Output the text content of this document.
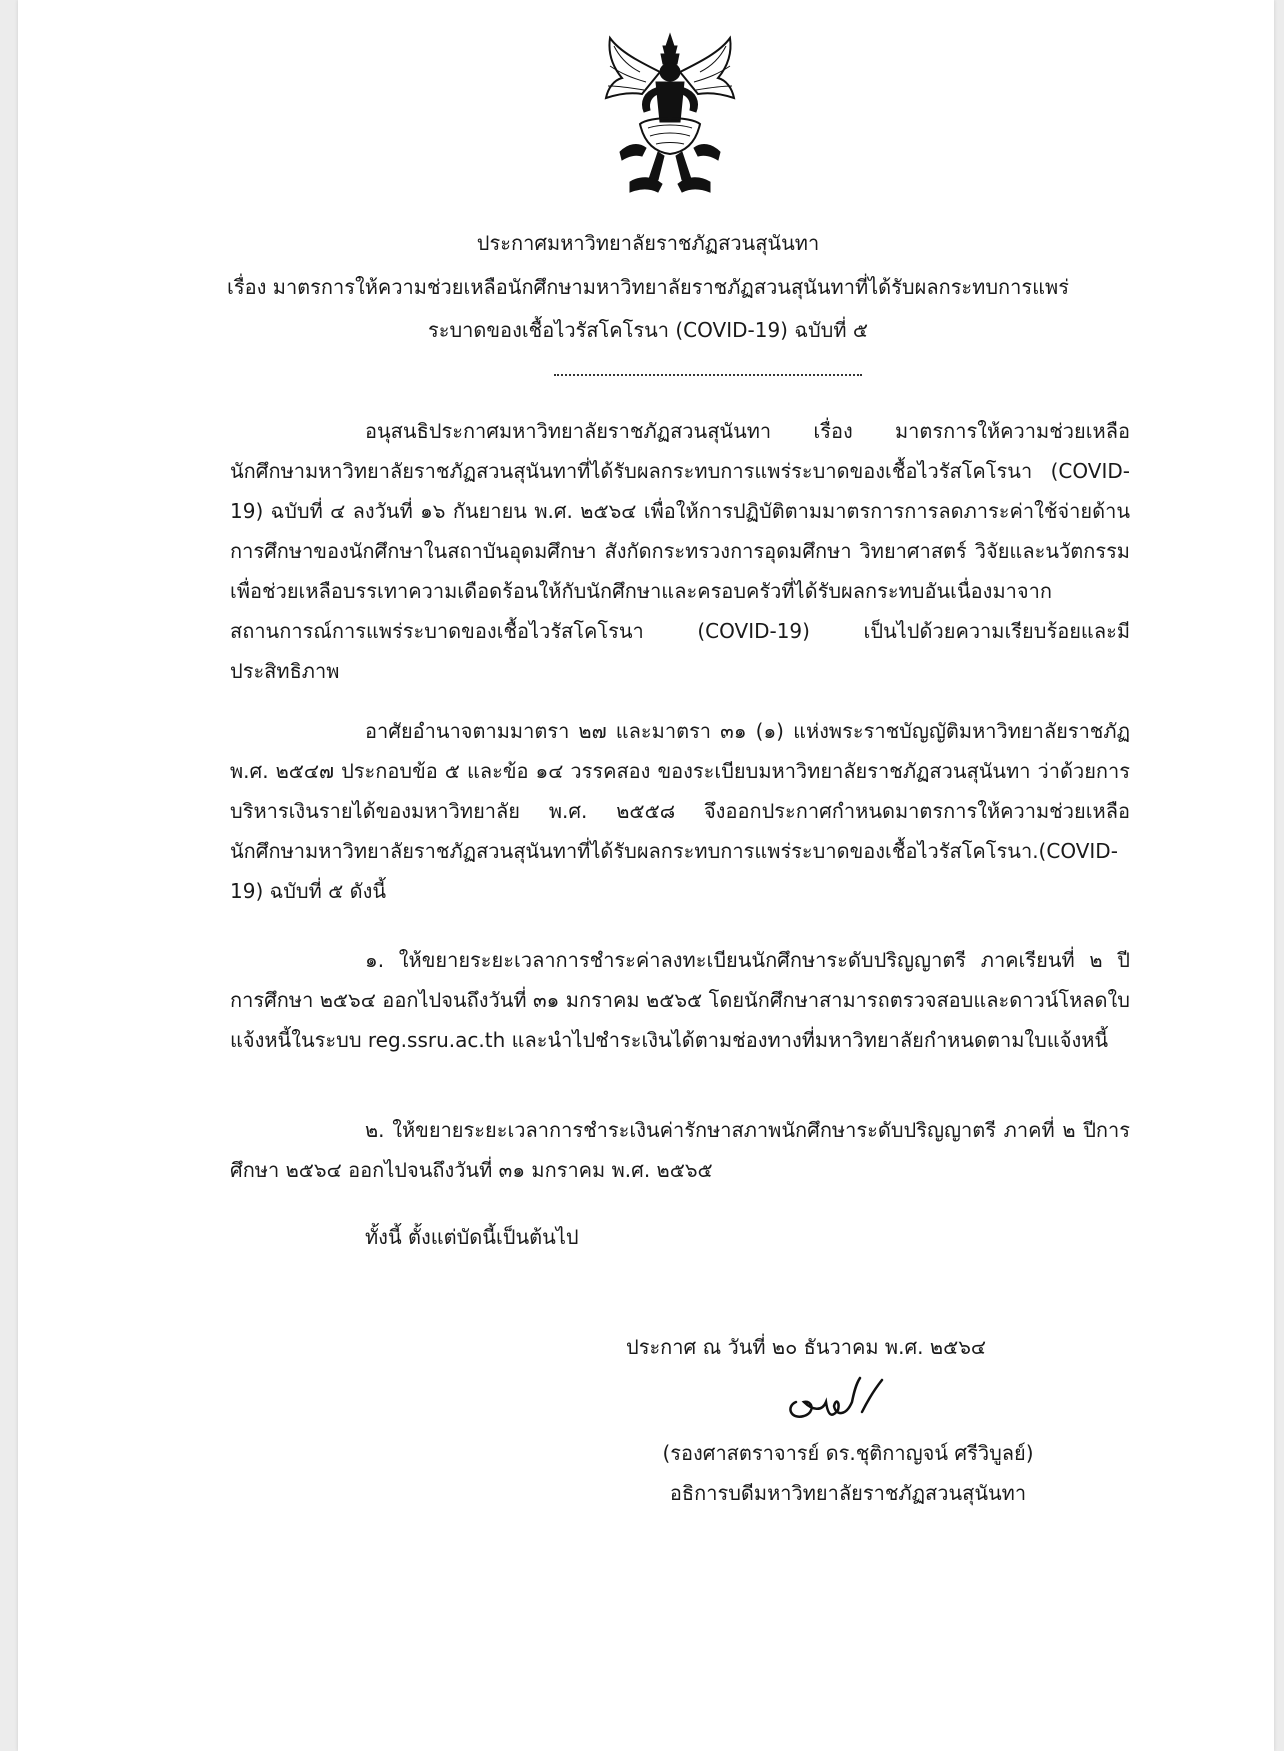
ประกาศมหาวิทยาลัยราชภัฏสวนสุนันทา
เรื่อง มาตรการให้ความช่วยเหลือนักศึกษามหาวิทยาลัยราชภัฏสวนสุนันทาที่ได้รับผลกระทบการแพร่
ระบาดของเชื้อไวรัสโคโรนา (COVID-19) ฉบับที่ ๕
อนุสนธิประกาศมหาวิทยาลัยราชภัฏสวนสุนันทา เรื่อง มาตรการให้ความช่วยเหลือนักศึกษามหาวิทยาลัยราชภัฏสวนสุนันทาที่ได้รับผลกระทบการแพร่ระบาดของเชื้อไวรัสโคโรนา (COVID-19) ฉบับที่ ๔ ลงวันที่ ๑๖ กันยายน พ.ศ. ๒๕๖๔ เพื่อให้การปฏิบัติตามมาตรการการลดภาระค่าใช้จ่ายด้านการศึกษาของนักศึกษาในสถาบันอุดมศึกษา สังกัดกระทรวงการอุดมศึกษา วิทยาศาสตร์ วิจัยและนวัตกรรม เพื่อช่วยเหลือบรรเทาความเดือดร้อนให้กับนักศึกษาและครอบครัวที่ได้รับผลกระทบอันเนื่องมาจากสถานการณ์การแพร่ระบาดของเชื้อไวรัสโคโรนา (COVID-19) เป็นไปด้วยความเรียบร้อยและมีประสิทธิภาพ
อาศัยอำนาจตามมาตรา ๒๗ และมาตรา ๓๑ (๑) แห่งพระราชบัญญัติมหาวิทยาลัยราชภัฏ พ.ศ. ๒๕๔๗ ประกอบข้อ ๕ และข้อ ๑๔ วรรคสอง ของระเบียบมหาวิทยาลัยราชภัฏสวนสุนันทา ว่าด้วยการบริหารเงินรายได้ของมหาวิทยาลัย พ.ศ. ๒๕๕๘ จึงออกประกาศกำหนดมาตรการให้ความช่วยเหลือนักศึกษามหาวิทยาลัยราชภัฏสวนสุนันทาที่ได้รับผลกระทบการแพร่ระบาดของเชื้อไวรัสโคโรนา.(COVID-19) ฉบับที่ ๕ ดังนี้
๑. ให้ขยายระยะเวลาการชำระค่าลงทะเบียนนักศึกษาระดับปริญญาตรี ภาคเรียนที่ ๒ ปีการศึกษา ๒๕๖๔ ออกไปจนถึงวันที่ ๓๑ มกราคม ๒๕๖๕ โดยนักศึกษาสามารถตรวจสอบและดาวน์โหลดใบแจ้งหนี้ในระบบ reg.ssru.ac.th และนำไปชำระเงินได้ตามช่องทางที่มหาวิทยาลัยกำหนดตามใบแจ้งหนี้
๒. ให้ขยายระยะเวลาการชำระเงินค่ารักษาสภาพนักศึกษาระดับปริญญาตรี ภาคที่ ๒ ปีการศึกษา ๒๕๖๔ ออกไปจนถึงวันที่ ๓๑ มกราคม พ.ศ. ๒๕๖๕
ทั้งนี้ ตั้งแต่บัดนี้เป็นต้นไป
ประกาศ ณ วันที่ ๒๐ ธันวาคม พ.ศ. ๒๕๖๔
(รองศาสตราจารย์ ดร.ชุติกาญจน์ ศรีวิบูลย์)
อธิการบดีมหาวิทยาลัยราชภัฏสวนสุนันทา
